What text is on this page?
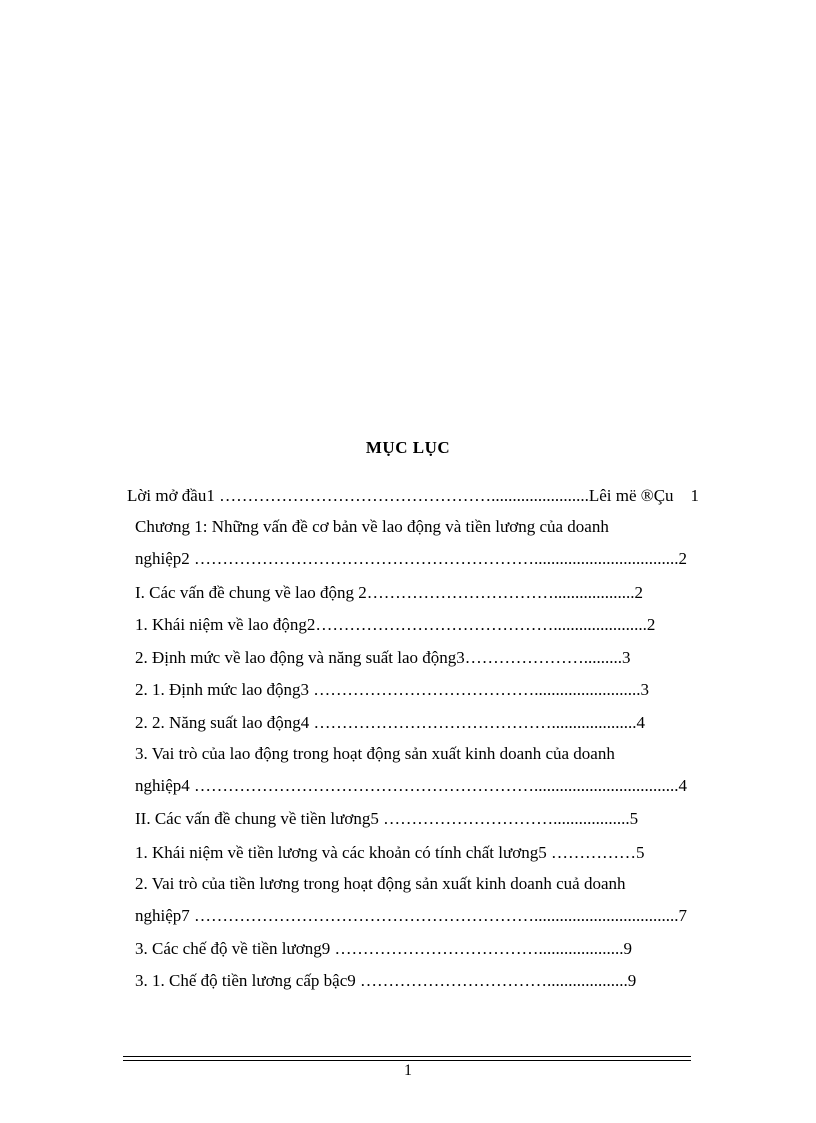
MỤC LỤC
Lời mở đầu1 ………………………………………….......................Lêi më ®Çu    1
Chương 1: Những vấn đề cơ bản về lao động và tiền lương của doanh
nghiệp2 ……………………………………………………..................................2
I. Các vấn đề chung về lao động 2……………………………...................2
1. Khái niệm về lao động2……………………………………......................2
2. Định mức về lao động và năng suất lao động3………………….........3
2. 1. Định mức lao động3 ………………………………….........................3
2. 2. Năng suất lao động4 ……………………………………....................4
3. Vai trò của lao động trong hoạt động sản xuất kinh doanh của doanh
nghiệp4 ……………………………………………………..................................4
II. Các vấn đề chung về tiền lương5 …………………………..................5
1. Khái niệm về tiền lương và các khoản có tính chất lương5 ……………5
2. Vai trò của tiền lương trong hoạt động sản xuất kinh doanh cuả doanh
nghiệp7 ……………………………………………………..................................7
3. Các chế độ về tiền lương9 ………………………………....................9
3. 1. Chế độ tiền lương cấp bậc9 ……………………………...................9
1
